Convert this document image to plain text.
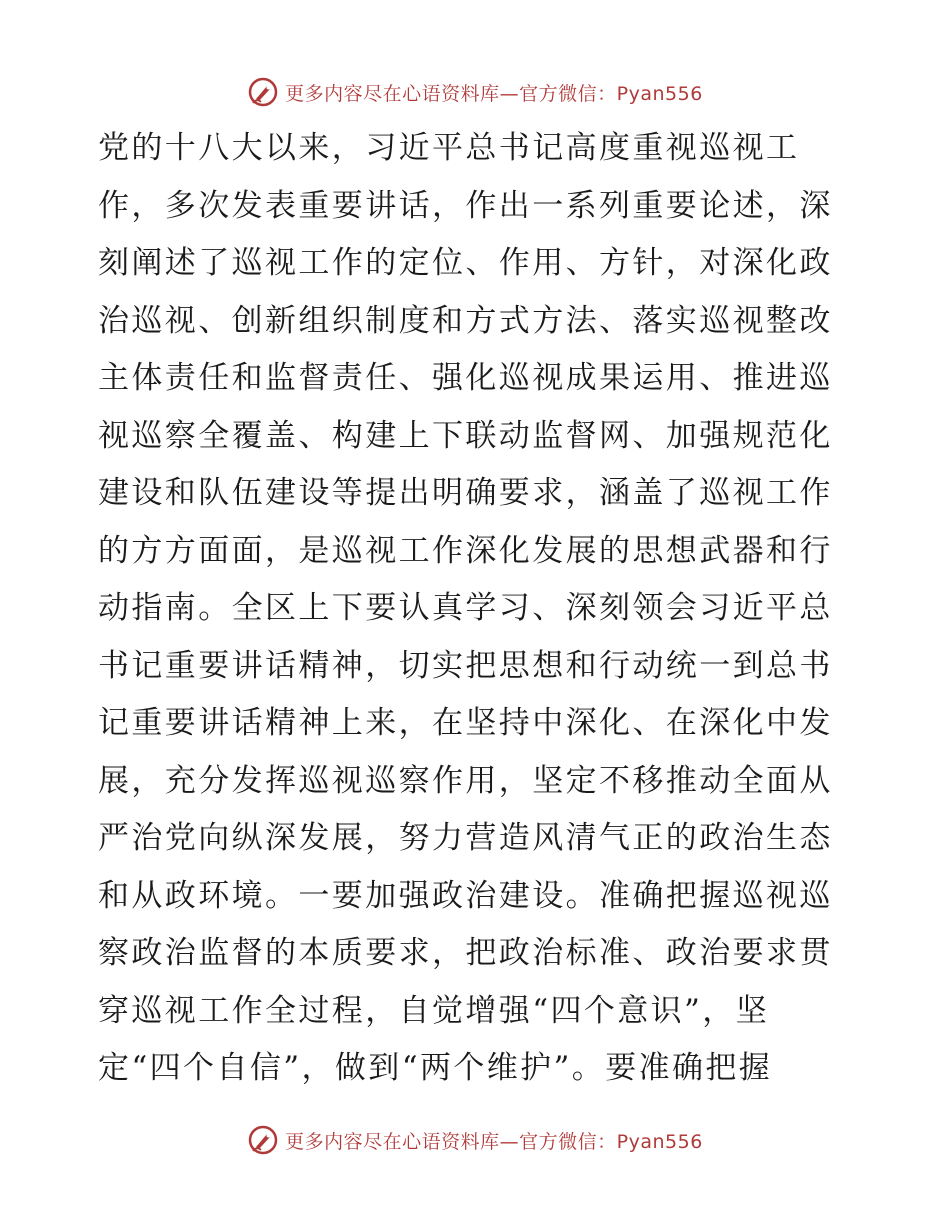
更多内容尽在心语资料库—官方微信：Pyan556
党的十八大以来，习近平总书记高度重视巡视工
作，多次发表重要讲话，作出一系列重要论述，深
刻阐述了巡视工作的定位、作用、方针，对深化政
治巡视、创新组织制度和方式方法、落实巡视整改
主体责任和监督责任、强化巡视成果运用、推进巡
视巡察全覆盖、构建上下联动监督网、加强规范化
建设和队伍建设等提出明确要求，涵盖了巡视工作
的方方面面，是巡视工作深化发展的思想武器和行
动指南。全区上下要认真学习、深刻领会习近平总
书记重要讲话精神，切实把思想和行动统一到总书
记重要讲话精神上来，在坚持中深化、在深化中发
展，充分发挥巡视巡察作用，坚定不移推动全面从
严治党向纵深发展，努力营造风清气正的政治生态
和从政环境。一要加强政治建设。准确把握巡视巡
察政治监督的本质要求，把政治标准、政治要求贯
穿巡视工作全过程，自觉增强“四个意识”，坚
定“四个自信”，做到“两个维护”。要准确把握
更多内容尽在心语资料库—官方微信：Pyan556
